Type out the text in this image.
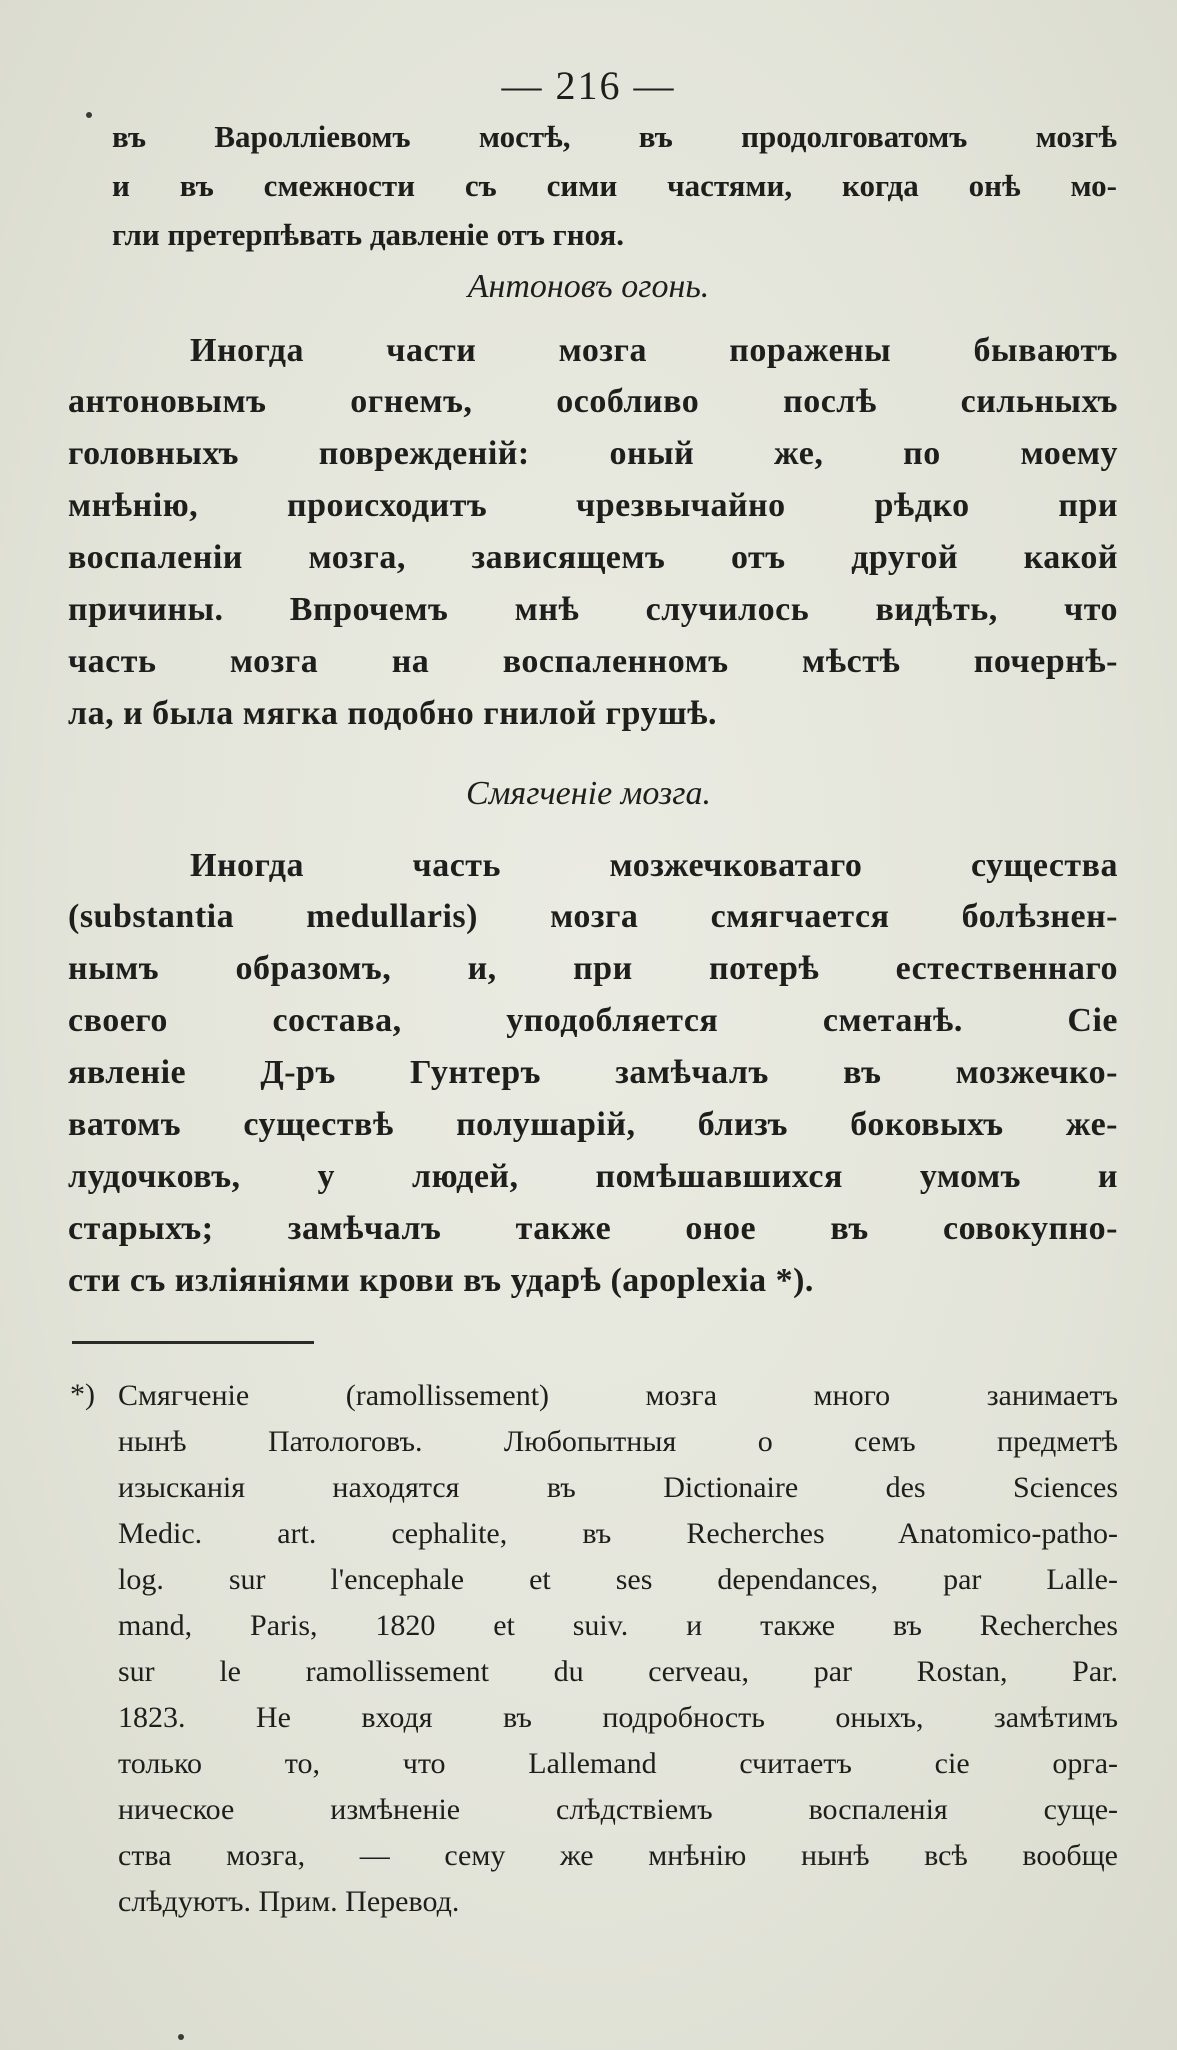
— 216 —
въ Варолліевомъ мостѣ, въ продолговатомъ мозгѣ
и въ смежности съ сими частями, когда онѣ мо-
гли претерпѣвать давленіе отъ гноя.
Антоновъ огонь.
Иногда части мозга поражены бываютъ
антоновымъ огнемъ, особливо послѣ сильныхъ
головныхъ поврежденій: оный же, по моему
мнѣнію, происходитъ чрезвычайно рѣдко при
воспаленіи мозга, зависящемъ отъ другой какой
причины. Впрочемъ мнѣ случилось видѣть, что
часть мозга на воспаленномъ мѣстѣ почернѣ-
ла, и была мягка подобно гнилой грушѣ.
Смягченіе мозга.
Иногда часть мозжечковатаго существа
(substantia medullaris) мозга смягчается болѣзнен-
нымъ образомъ, и, при потерѣ естественнаго
своего состава, уподобляется сметанѣ. Сіе
явленіе Д-ръ Гунтеръ замѣчалъ въ мозжечко-
ватомъ существѣ полушарій, близъ боковыхъ же-
лудочковъ, у людей, помѣшавшихся умомъ и
старыхъ; замѣчалъ также оное въ совокупно-
сти съ изліяніями крови въ ударѣ (apoplexia *).
*) Смягченіе (ramollissement) мозга много занимаетъ
нынѣ Патологовъ. Любопытныя о семъ предметѣ
изысканія находятся въ Dictionaire des Sciences
Medic. art. cephalite, въ Recherches Anatomico-patho-
log. sur l'encephale et ses dependances, par Lalle-
mand, Paris, 1820 et suiv. и также въ Recherches
sur le ramollissement du cerveau, par Rostan, Par.
1823. Не входя въ подробность оныхъ, замѣтимъ
только то, что Lallemand считаетъ сіе орга-
ническое измѣненіе слѣдствіемъ воспаленія суще-
ства мозга, — сему же мнѣнію нынѣ всѣ вообще
слѣдуютъ. Прим. Перевод.
